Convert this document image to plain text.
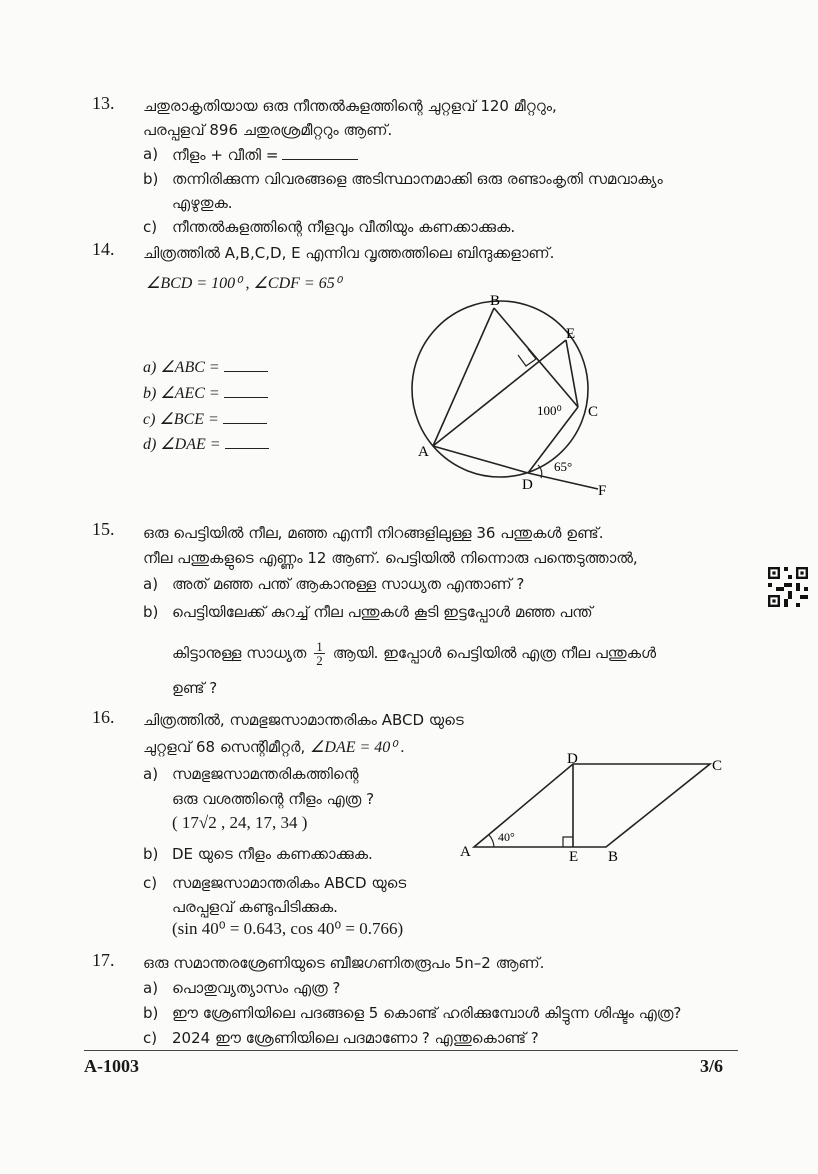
13. ചതുരാകൃതിയായ ഒരു നീന്തൽകുളത്തിന്റെ ചുറ്റളവ് 120 മീറ്ററും,
പരപ്പളവ് 896 ചതുരശ്രമീറ്ററും ആണ്.
a) നീളം + വീതി =
b) തന്നിരിക്കുന്ന വിവരങ്ങളെ അടിസ്ഥാനമാക്കി ഒരു രണ്ടാംകൃതി സമവാക്യം
എഴുതുക.
c) നീന്തൽകുളത്തിന്റെ നീളവും വീതിയും കണക്കാക്കുക.
14. ചിത്രത്തിൽ A,B,C,D, E എന്നിവ വൃത്തത്തിലെ ബിന്ദുക്കളാണ്.
∠BCD = 100⁰ , ∠CDF = 65⁰
a) ∠ABC =
b) ∠AEC =
c) ∠BCE =
d) ∠DAE =
B
E
C
A
D	F
100⁰
65°
15. ഒരു പെട്ടിയിൽ നീല, മഞ്ഞ എന്നീ നിറങ്ങളിലുള്ള 36 പന്തുകൾ ഉണ്ട്.
നീല പന്തുകളുടെ എണ്ണം 12 ആണ്. പെട്ടിയിൽ നിന്നൊരു പന്തെടുത്താൽ,
a) അത് മഞ്ഞ പന്ത് ആകാനുള്ള സാധ്യത എന്താണ് ?
b) പെട്ടിയിലേക്ക് കുറച്ച് നീല പന്തുകൾ കൂടി ഇട്ടപ്പോൾ മഞ്ഞ പന്ത്
കിട്ടാനുള്ള സാധ്യത $\frac{1}{2}$ ആയി. ഇപ്പോൾ പെട്ടിയിൽ എത്ര നീല പന്തുകൾ
ഉണ്ട് ?
16. ചിത്രത്തിൽ, സമഭുജസാമാന്തരികം ABCD യുടെ
ചുറ്റളവ് 68 സെന്റിമീറ്റർ, ∠DAE = 40⁰ .
a) സമഭുജസാമന്തരികത്തിന്റെ
ഒരു വശത്തിന്റെ നീളം എത്ര ?
( 17√2 , 24, 17, 34 )
b) DE യുടെ നീളം കണക്കാക്കുക.
c) സമഭുജസാമാന്തരികം ABCD യുടെ
പരപ്പളവ് കണ്ടുപിടിക്കുക.
(sin 40⁰ = 0.643, cos 40⁰ = 0.766)
D	C
A	E B
40°
17. ഒരു സമാന്തരശ്രേണിയുടെ ബീജഗണിതരൂപം 5n–2 ആണ്.
a) പൊതുവ്യത്യാസം എത്ര ?
b) ഈ ശ്രേണിയിലെ പദങ്ങളെ 5 കൊണ്ട് ഹരിക്കുമ്പോൾ കിട്ടുന്ന ശിഷ്ടം എത്ര?
c) 2024 ഈ ശ്രേണിയിലെ പദമാണോ ? എന്തുകൊണ്ട് ?
A-1003	3/6
